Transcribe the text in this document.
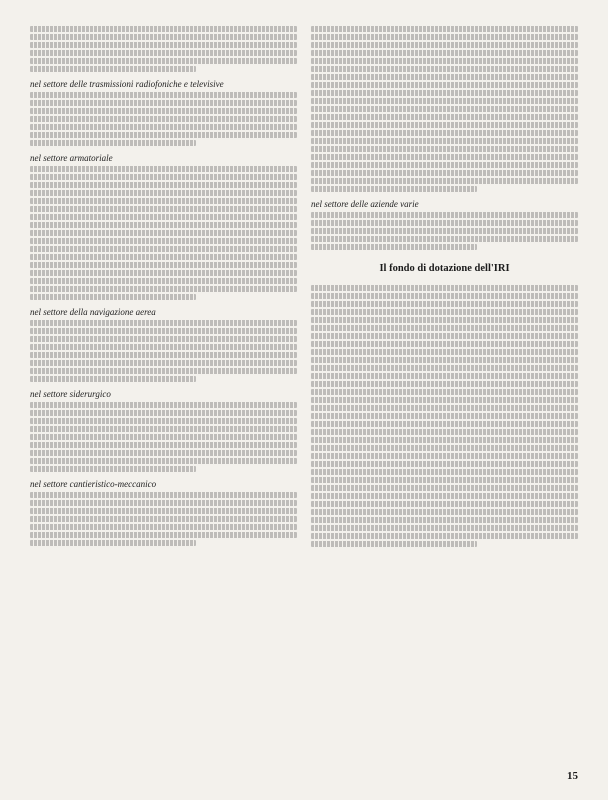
nel settore delle trasmissioni radiofoniche e televisive
nel settore armatoriale
nel settore della navigazione aerea
nel settore siderurgico
nel settore cantieristico-meccanico
nel settore delle aziende varie
Il fondo di dotazione dell'IRI
15
